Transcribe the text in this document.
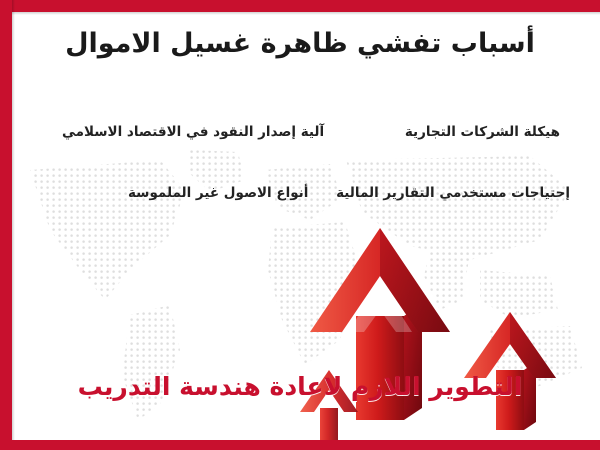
أسباب تفشي ظاهرة غسيل الاموال
هيكلة الشركات التجارية
إحتياجات مستخدمي التقارير المالية
آلية إصدار النقود في الاقتصاد الاسلامي
أنواع الاصول غير الملموسة
التطوير اللازم لاعادة هندسة التدريب
